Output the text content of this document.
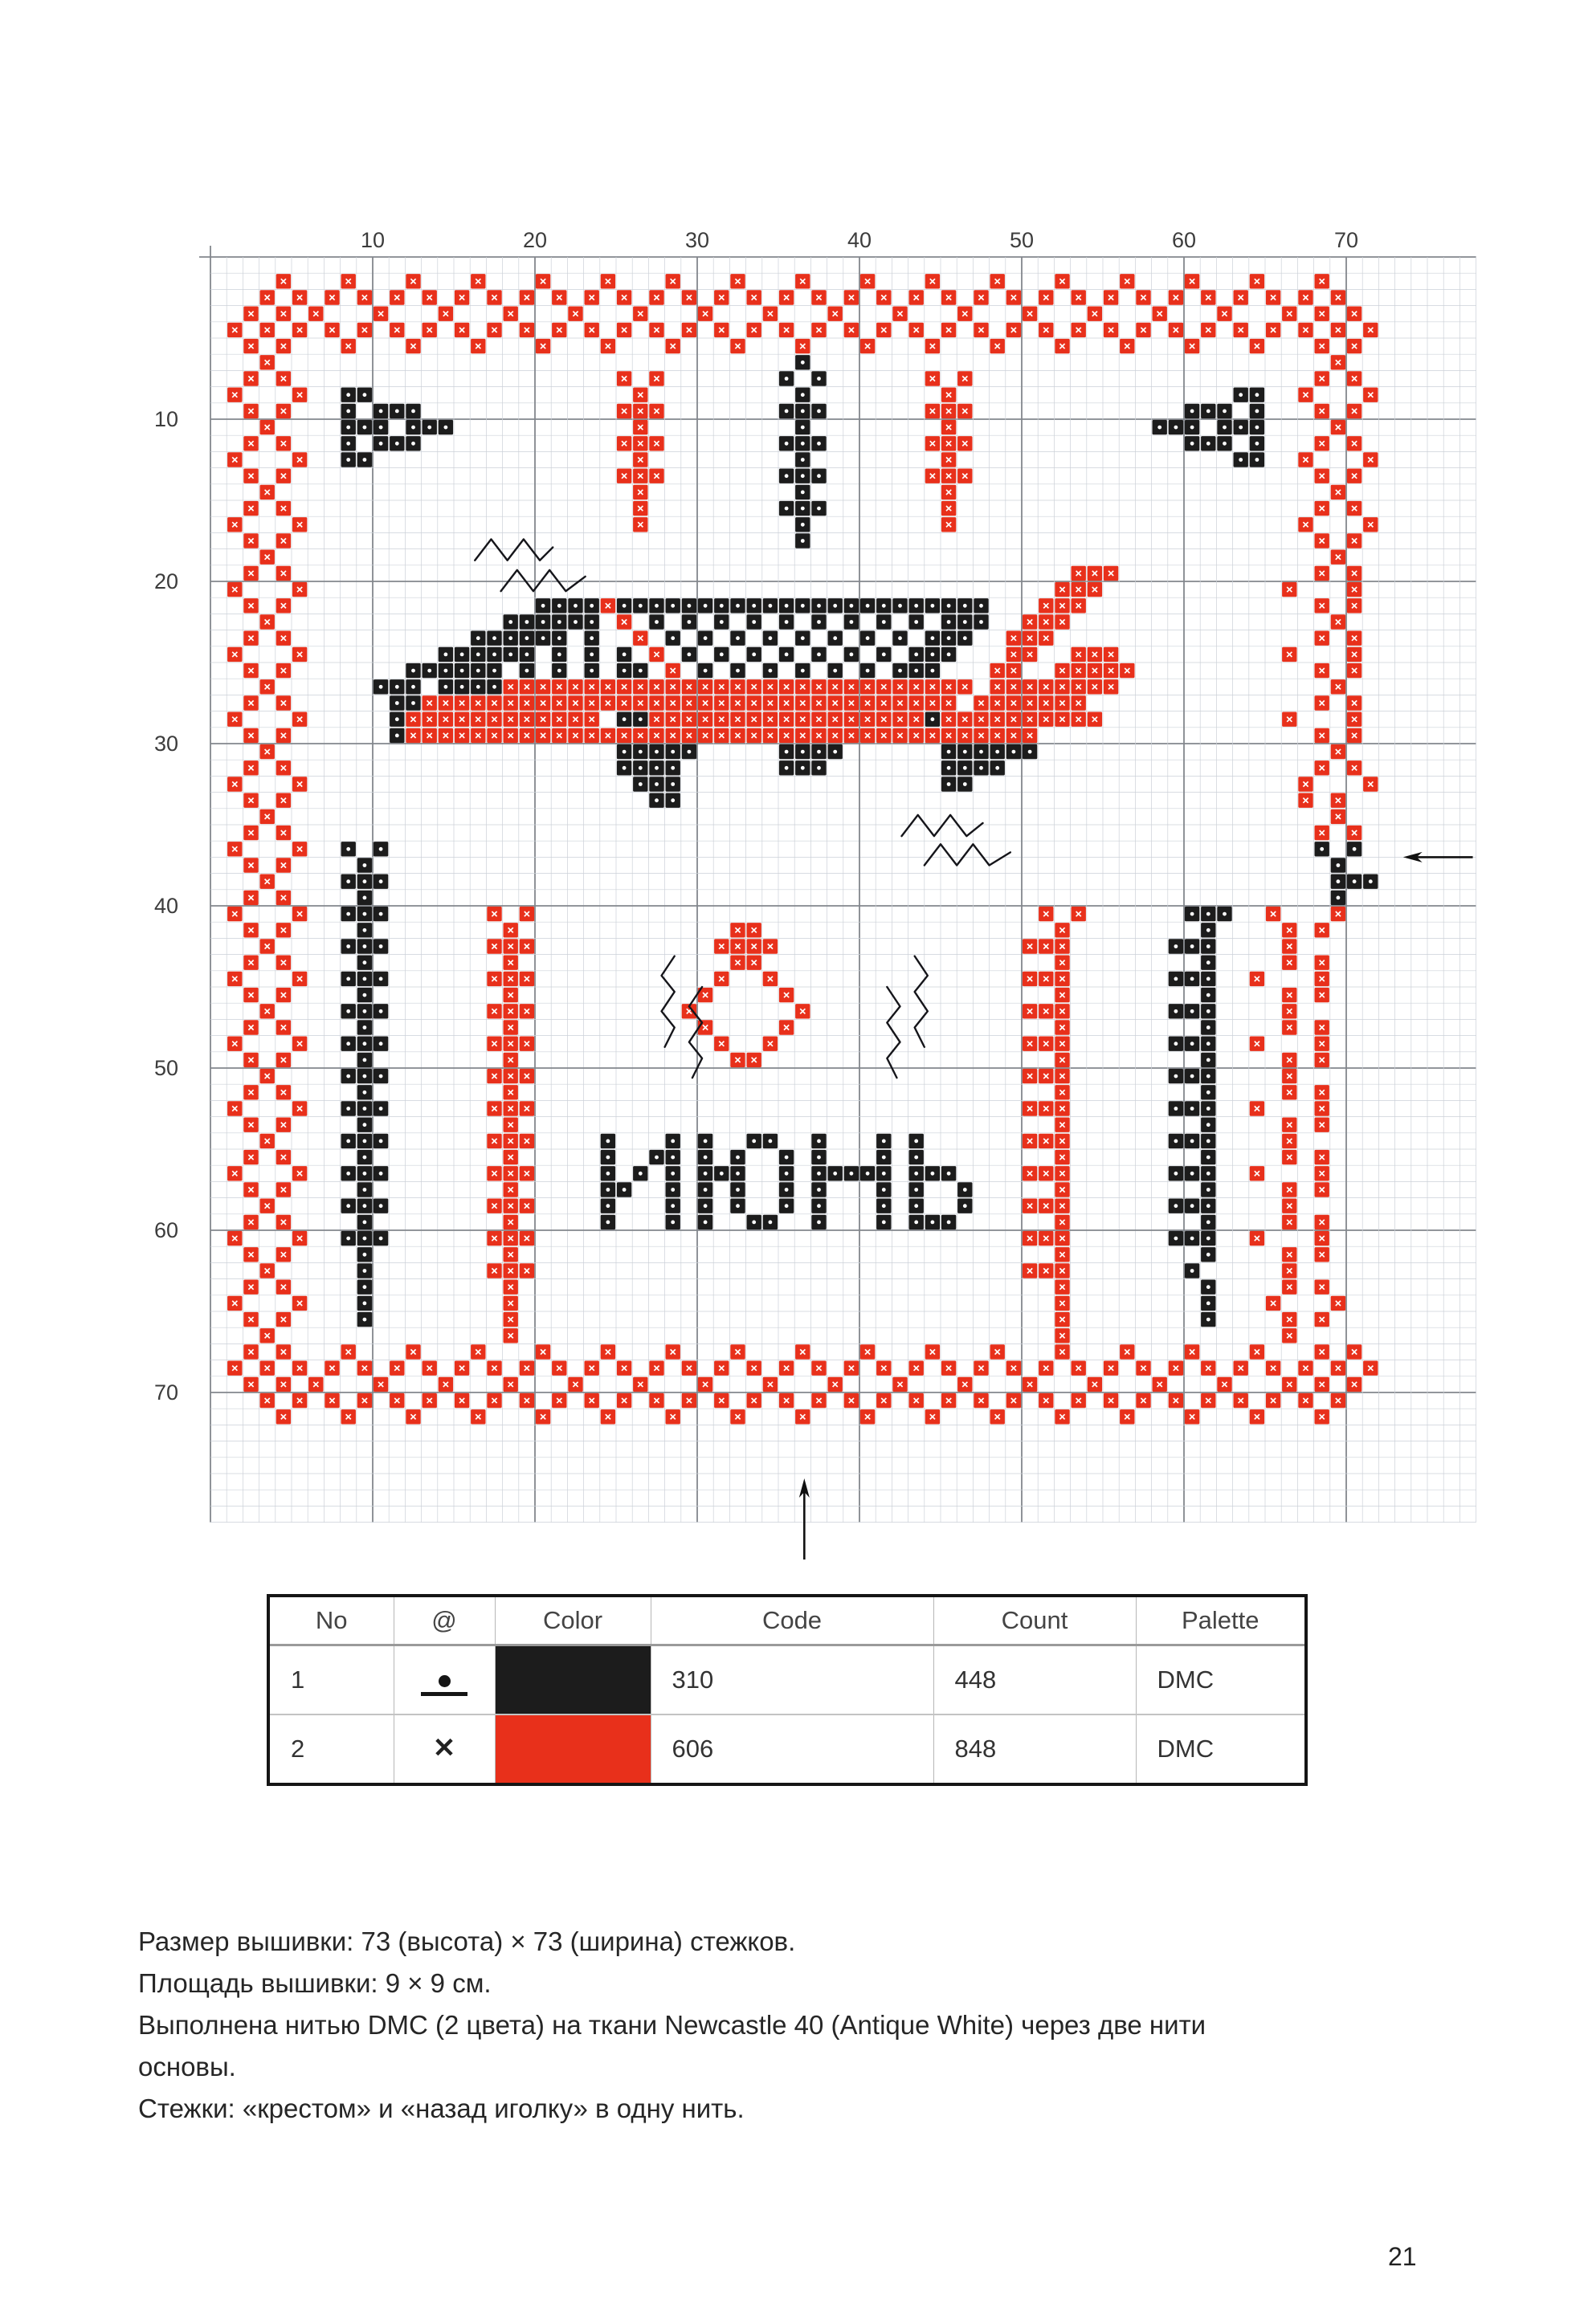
10	20	30	40	50	60	70
10
20
30
40
50
60
70
No	@	Color	Code	Count	Palette
1			310	448	DMC
2	✕		606	848	DMC
Размер вышивки: 73 (высота) × 73 (ширина) стежков.
Площадь вышивки: 9 × 9 см.
Выполнена нитью DMC (2 цвета) на ткани Newcastle 40 (Antique White) через две нити
основы.
Стежки: «крестом» и «назад иголку» в одну нить.
21
